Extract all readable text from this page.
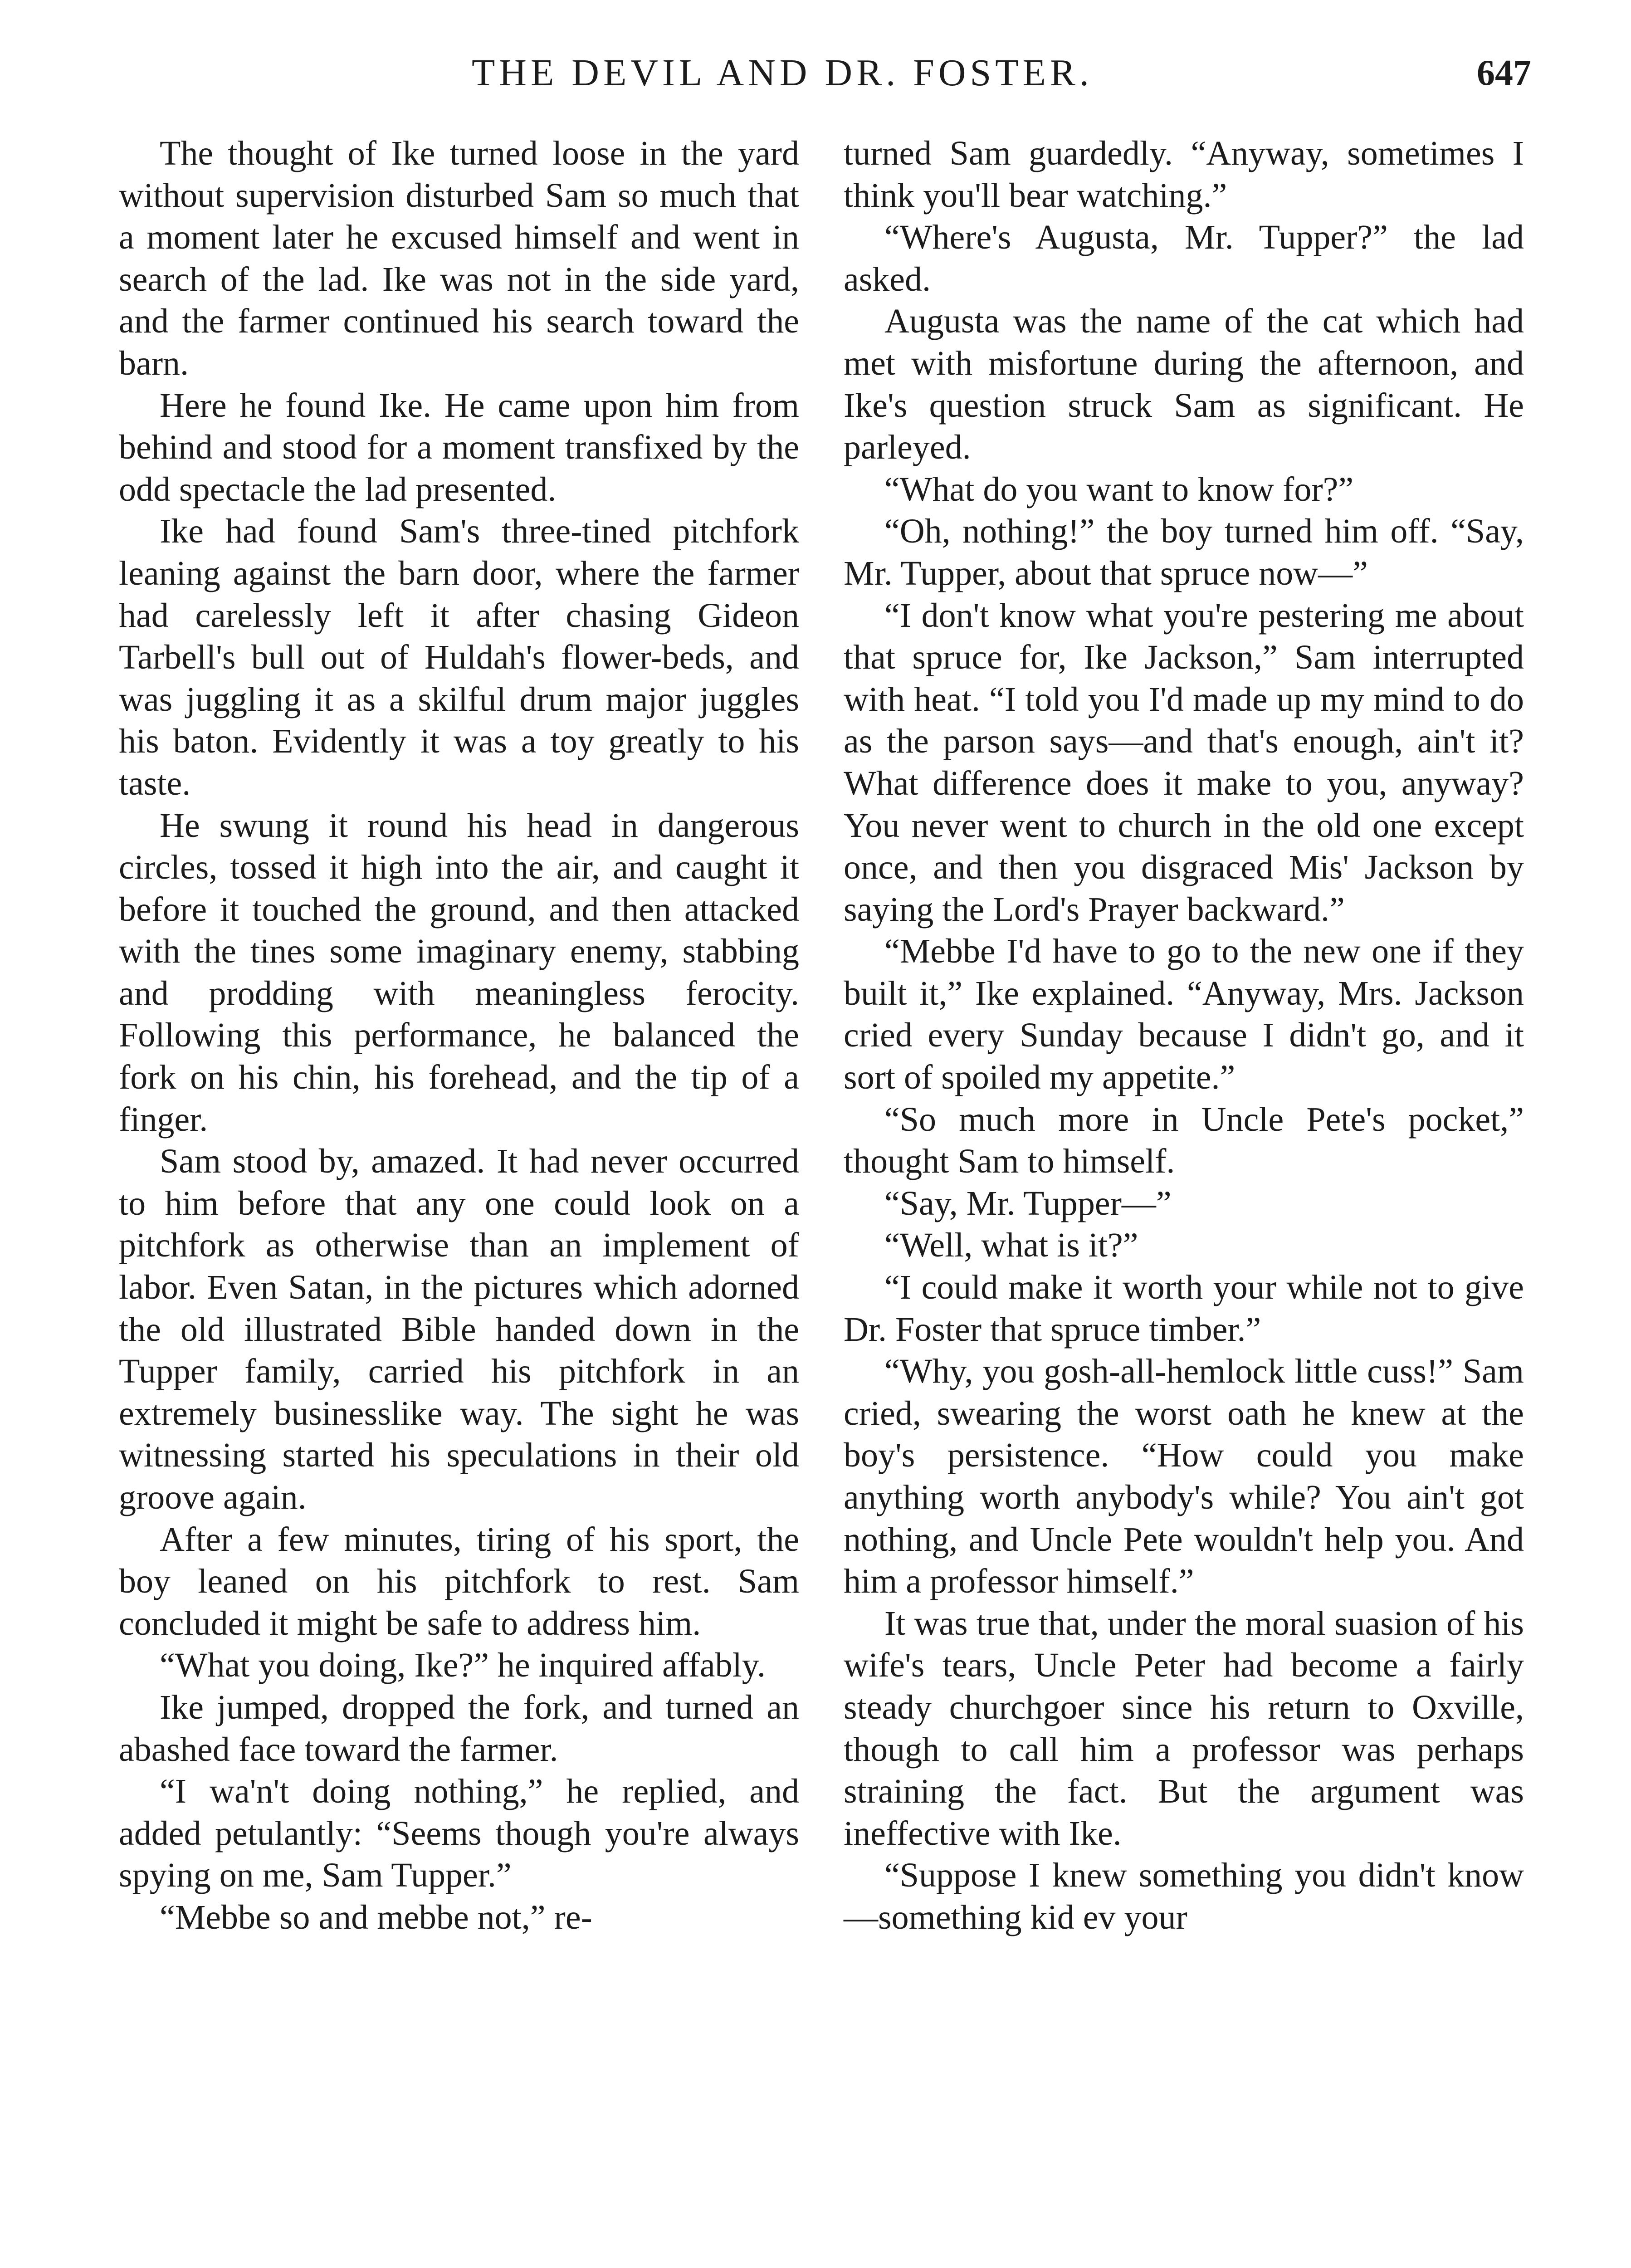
THE DEVIL AND DR. FOSTER.	647

The thought of Ike turned loose in the yard without supervision disturbed Sam so much that a moment later he excused himself and went in search of the lad. Ike was not in the side yard, and the farmer continued his search toward the barn.

Here he found Ike. He came upon him from behind and stood for a moment transfixed by the odd spectacle the lad presented.

Ike had found Sam's three-tined pitchfork leaning against the barn door, where the farmer had carelessly left it after chasing Gideon Tarbell's bull out of Huldah's flower-beds, and was juggling it as a skilful drum major juggles his baton. Evidently it was a toy greatly to his taste.

He swung it round his head in dangerous circles, tossed it high into the air, and caught it before it touched the ground, and then attacked with the tines some imaginary enemy, stabbing and prodding with meaningless ferocity. Following this performance, he balanced the fork on his chin, his forehead, and the tip of a finger.

Sam stood by, amazed. It had never occurred to him before that any one could look on a pitchfork as otherwise than an implement of labor. Even Satan, in the pictures which adorned the old illustrated Bible handed down in the Tupper family, carried his pitchfork in an extremely businesslike way. The sight he was witnessing started his speculations in their old groove again.

After a few minutes, tiring of his sport, the boy leaned on his pitchfork to rest. Sam concluded it might be safe to address him.

“What you doing, Ike?” he inquired affably.

Ike jumped, dropped the fork, and turned an abashed face toward the farmer.

“I wa'n't doing nothing,” he replied, and added petulantly: “Seems though you're always spying on me, Sam Tupper.”

“Mebbe so and mebbe not,” re-

turned Sam guardedly. “Anyway, sometimes I think you'll bear watching.”

“Where's Augusta, Mr. Tupper?” the lad asked.

Augusta was the name of the cat which had met with misfortune during the afternoon, and Ike's question struck Sam as significant. He parleyed.

“What do you want to know for?”

“Oh, nothing!” the boy turned him off. “Say, Mr. Tupper, about that spruce now—”

“I don't know what you're pestering me about that spruce for, Ike Jackson,” Sam interrupted with heat. “I told you I'd made up my mind to do as the parson says—and that's enough, ain't it? What difference does it make to you, anyway? You never went to church in the old one except once, and then you disgraced Mis' Jackson by saying the Lord's Prayer backward.”

“Mebbe I'd have to go to the new one if they built it,” Ike explained. “Anyway, Mrs. Jackson cried every Sunday because I didn't go, and it sort of spoiled my appetite.”

“So much more in Uncle Pete's pocket,” thought Sam to himself.

“Say, Mr. Tupper—”

“Well, what is it?”

“I could make it worth your while not to give Dr. Foster that spruce timber.”

“Why, you gosh-all-hemlock little cuss!” Sam cried, swearing the worst oath he knew at the boy's persistence. “How could you make anything worth anybody's while? You ain't got nothing, and Uncle Pete wouldn't help you. And him a professor himself.”

It was true that, under the moral suasion of his wife's tears, Uncle Peter had become a fairly steady churchgoer since his return to Oxville, though to call him a professor was perhaps straining the fact. But the argument was ineffective with Ike.

“Suppose I knew something you didn't know—something kid ev your
